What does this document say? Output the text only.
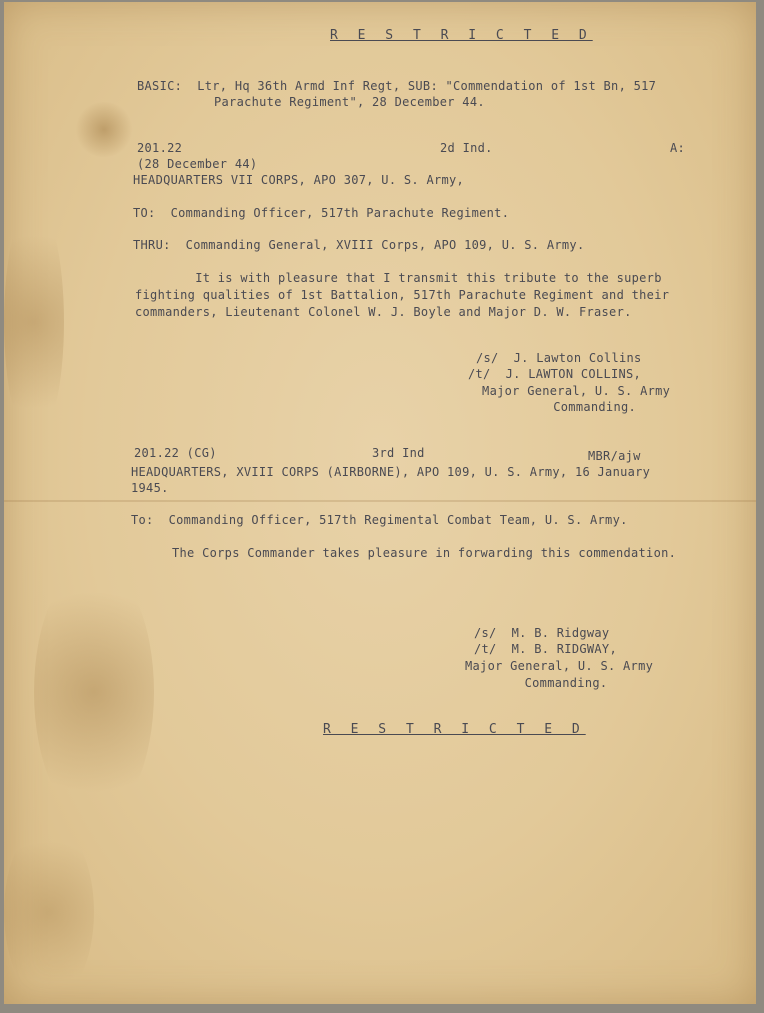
R E S T R I C T E D
BASIC:  Ltr, Hq 36th Armd Inf Regt, SUB: "Commendation of 1st Bn, 517
Parachute Regiment", 28 December 44.
201.22	2d Ind.	A:
(28 December 44)
HEADQUARTERS VII CORPS, APO 307, U. S. Army,
TO:  Commanding Officer, 517th Parachute Regiment.
THRU:  Commanding General, XVIII Corps, APO 109, U. S. Army.
It is with pleasure that I transmit this tribute to the superb
fighting qualities of 1st Battalion, 517th Parachute Regiment and their
commanders, Lieutenant Colonel W. J. Boyle and Major D. W. Fraser.
/s/  J. Lawton Collins
/t/  J. LAWTON COLLINS,
Major General, U. S. Army
Commanding.
201.22 (CG)	3rd Ind	MBR/ajw
HEADQUARTERS, XVIII CORPS (AIRBORNE), APO 109, U. S. Army, 16 January
1945.
To:  Commanding Officer, 517th Regimental Combat Team, U. S. Army.
The Corps Commander takes pleasure in forwarding this commendation.
/s/  M. B. Ridgway
/t/  M. B. RIDGWAY,
Major General, U. S. Army
Commanding.
R E S T R I C T E D
